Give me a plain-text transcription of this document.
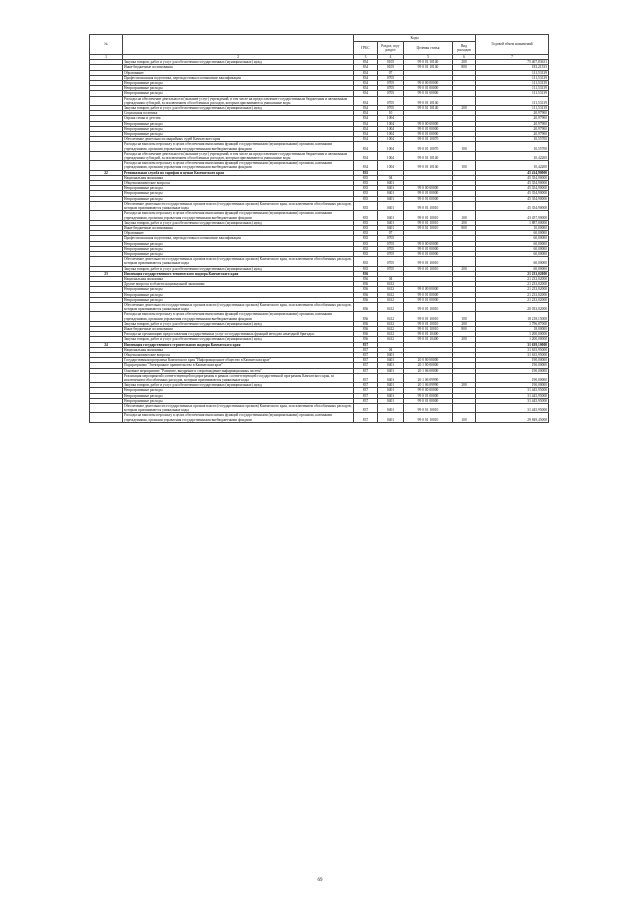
№		Коды				Годовой объем назначений
		ГРБС	Раздел, под-раздел	Целевая статья	Вид расходов	
1	2	3	4	5	6	7
	Закупка товаров, работ и услуг для обеспечения государственных (муниципальных) нужд	834	0105	99 0 01 10140	200	75 407,83631
	Иные бюджетные ассигнования	834	0105	99 0 01 10140	800	183,21533
	Образование	834	07			111,53139
	Профессиональная подготовка, переподготовка и повышение квалификации	834	0705			111,53139
	Непрограммные расходы	834	0705	99 0 00 00000		111,53139
	Непрограммные расходы	834	0705	99 0 01 00000		111,53139
	Непрограммные расходы	834	0705	99 0 01 00000		111,53139
	Расходы на обеспечение деятельности (оказание услуг) учреждений, в том числе на предоставление государственным бюджетным и автономным учреждениям субсидий, за исключением обособленных расходов, которым присваиваются уникальные коды	834	0705	99 0 01 10140		111,53139
	Закупка товаров, работ и услуг для обеспечения государственных (муниципальных) нужд	834	0705	99 0 01 10140	200	111,53139
	Социальная политика	834	10			20,97900
	Охрана семьи и детства	834	1004			20,97900
	Непрограммные расходы	834	1004	99 0 00 00000		20,97900
	Непрограммные расходы	834	1004	99 0 01 00000		20,97900
	Непрограммные расходы	834	1004	99 0 01 00000		20,97900
	Обеспечение деятельности аварийных судей Камчатского края	834	1004	99 0 01 10070		10,55700
	Расходы на выплаты персоналу в целях обеспечения выполнения функций государственными (муниципальными) органами, казенными учреждениями, органами управления государственными внебюджетными фондами	834	1004	99 0 01 10070	100	10,55700
	Расходы на обеспечение деятельности (оказание услуг) учреждений, в том числе на предоставление государственным бюджетным и автономным учреждениям субсидий, за исключением обособленных расходов, которым присваиваются уникальные коды	834	1004	99 0 01 10140		10,42200
	Расходы на выплаты персоналу в целях обеспечения выполнения функций государственными (муниципальными) органами, казенными учреждениями, органами управления государственными внебюджетными фондами	834	1004	99 0 01 10140	100	10,42200
22	Региональная служба по тарифам и ценам Камчатского края	835				45 414,90000
	Национальная экономика	835	04			45 354,90000
	Общеэкономические вопросы	835	0401			45 354,90000
	Непрограммные расходы	835	0401	99 0 00 00000		45 354,90000
	Непрограммные расходы	835	0401	99 0 01 00000		45 354,90000
	Непрограммные расходы	835	0401	99 0 01 00000		45 354,90000
	Обеспечение деятельности государственных органов власти (государственных органов) Камчатского края, за исключением обособленных расходов, которым присваиваются уникальные коды	835	0401	99 0 01 10010		45 354,90000
	Расходы на выплаты персоналу в целях обеспечения выполнения функций государственными (муниципальными) органами, казенными учреждениями, органами управления государственными внебюджетными фондами	835	0401	99 0 01 10010	100	43 457,90000
	Закупка товаров, работ и услуг для обеспечения государственных (муниципальных) нужд	835	0401	99 0 01 10010	200	1 887,00000
	Иные бюджетные ассигнования	835	0401	99 0 01 10010	800	10,00000
	Образование	835	07			60,00000
	Профессиональная подготовка, переподготовка и повышение квалификации	835	0705			60,00000
	Непрограммные расходы	835	0705	99 0 00 00000		60,00000
	Непрограммные расходы	835	0705	99 0 01 00000		60,00000
	Непрограммные расходы	835	0705	99 0 01 00000		60,00000
	Обеспечение деятельности государственных органов власти (государственных органов) Камчатского края, за исключением обособленных расходов, которым присваиваются уникальные коды	835	0705	99 0 01 10010		60,00000
	Закупка товаров, работ и услуг для обеспечения государственных (муниципальных) нужд	835	0705	99 0 01 10010	200	60,00000
23	Инспекция государственного технического надзора Камчатского края	836				21 233,02000
	Национальная экономика	836	04			21 233,02000
	Другие вопросы в области национальной экономики	836	0412			21 233,02000
	Непрограммные расходы	836	0412	99 0 00 00000		21 233,02000
	Непрограммные расходы	836	0412	99 0 01 00000		21 233,02000
	Непрограммные расходы	836	0412	99 0 01 00000		21 233,02000
	Обеспечение деятельности государственных органов власти (государственных органов) Камчатского края, за исключением обособленных расходов, которым присваиваются уникальные коды	836	0412	99 0 01 10010		20 033,02000
	Расходы на выплаты персоналу в целях обеспечения выполнения функций государственными (муниципальными) органами, казенными учреждениями, органами управления государственными внебюджетными фондами	836	0412	99 0 01 10010	100	18 218,15000
	Закупка товаров, работ и услуг для обеспечения государственных (муниципальных) нужд	836	0412	99 0 01 10010	200	1 796,87000
	Иные бюджетные ассигнования	836	0412	99 0 01 10010	800	18,00000
	Расходы на организацию предоставления государственных услуг и государственных функций методом «выездной бригады»	836	0412	99 0 01 10400		1 200,00000
	Закупка товаров, работ и услуг для обеспечения государственных (муниципальных) нужд	836	0412	99 0 01 10400	200	1 200,00000
24	Инспекция государственного строительного надзора Камчатского края	837				31 639,10000
	Национальная экономика	837	04			31 635,95000
	Общеэкономические вопросы	837	0401			31 635,95000
	Государственная программа Камчатского края "Информационное общество в Камчатском крае"	837	0401	20 0 00 00000		190,00000
	Подпрограмма "Электронное правительство в Камчатском крае"	837	0401	20 1 00 00000		190,00000
	Основное мероприятие "Развитие, внедрение и сопровождение информационных систем"	837	0401	20 1 06 00000		190,00000
	Реализация мероприятий соответствующей подпрограммы в рамках соответствующей государственной программы Камчатского края, за исключением обособленных расходов, которым присваиваются уникальные коды	837	0401	20 1 06 09990		190,00000
	Закупка товаров, работ и услуг для обеспечения государственных (муниципальных) нужд	837	0401	20 1 06 09990	200	190,00000
	Непрограммные расходы	837	0401	99 0 00 00000		31 445,95000
	Непрограммные расходы	837	0401	99 0 01 00000		31 445,95000
	Непрограммные расходы	837	0401	99 0 01 00000		31 445,95000
	Обеспечение деятельности государственных органов власти (государственных органов) Камчатского края, за исключением обособленных расходов, которым присваиваются уникальные коды	837	0401	99 0 01 10010		31 445,95000
	Расходы на выплаты персоналу в целях обеспечения выполнения функций государственными (муниципальными) органами, казенными учреждениями, органами управления государственными внебюджетными фондами	837	0401	99 0 01 10010	100	29 849,45000
69
